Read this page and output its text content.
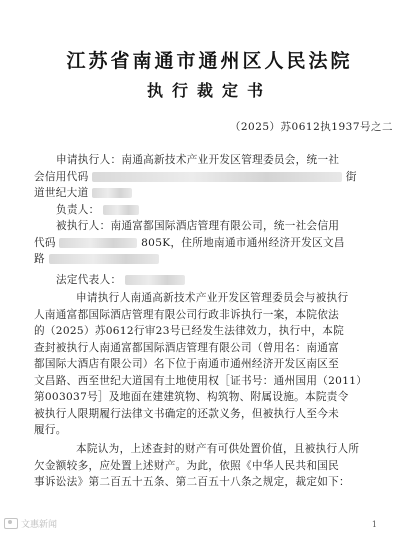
江苏省南通市通州区人民法院
执行裁定书
（2025）苏0612执1937号之二
申请执行人：南通高新技术产业开发区管理委员会，统一社
会信用代码	街
道世纪大道
负责人：
被执行人：南通富都国际酒店管理有限公司，统一社会信用
代码	805K，住所地南通市通州经济开发区文昌
路
法定代表人：
申请执行人南通高新技术产业开发区管理委员会与被执行
人南通富都国际酒店管理有限公司行政非诉执行一案，本院依法
的（2025）苏0612行审23号已经发生法律效力，执行中，本院
查封被执行人南通富都国际酒店管理有限公司（曾用名：南通富
都国际大酒店有限公司）名下位于南通市通州经济开发区南区至
文昌路、西至世纪大道国有土地使用权［证书号：通州国用（2011）
第003037号］及地面在建建筑物、构筑物、附属设施。本院责令
被执行人限期履行法律文书确定的还款义务，但被执行人至今未
履行。
本院认为，上述查封的财产有可供处置价值，且被执行人所
欠金额较多，应处置上述财产。为此，依照《中华人民共和国民
事诉讼法》第二百五十五条、第二百五十八条之规定，裁定如下：
文惠新闻	1
